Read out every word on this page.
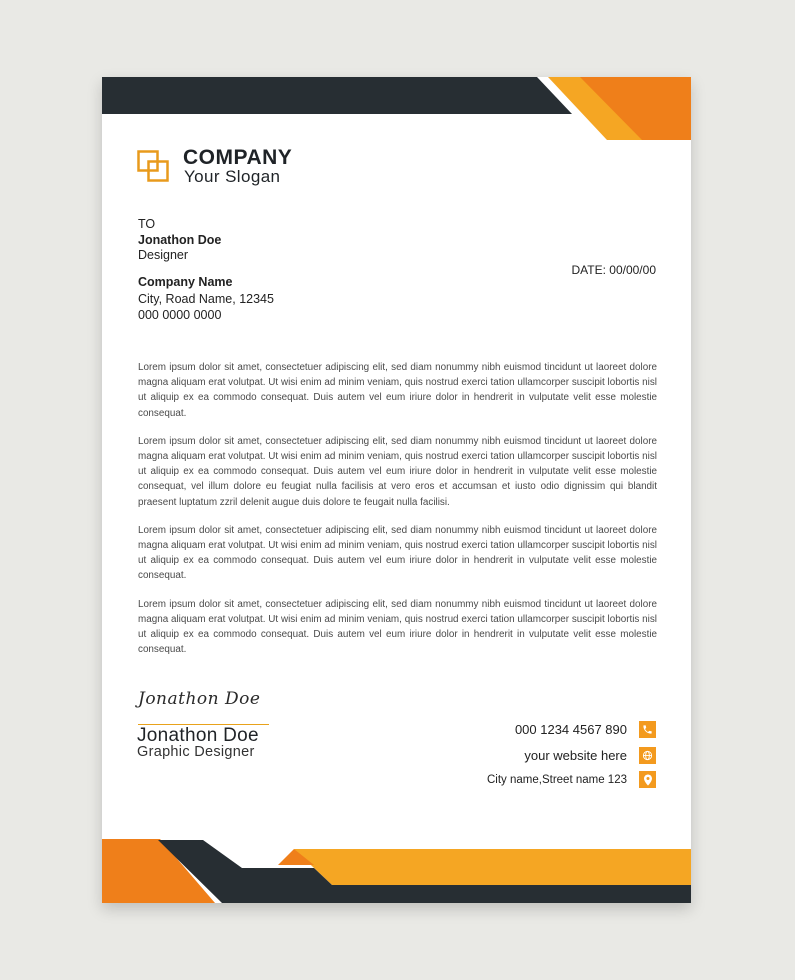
COMPANY
Your Slogan
TO
Jonathon Doe
Designer
Company Name
City, Road Name, 12345
000 0000 0000
DATE: 00/00/00

Lorem ipsum dolor sit amet, consectetuer adipiscing elit, sed diam nonummy nibh euismod tincidunt ut laoreet dolore magna aliquam erat volutpat. Ut wisi enim ad minim veniam, quis nostrud exerci tation ullamcorper suscipit lobortis nisl ut aliquip ex ea commodo consequat. Duis autem vel eum iriure dolor in hendrerit in vulputate velit esse molestie consequat.

Lorem ipsum dolor sit amet, consectetuer adipiscing elit, sed diam nonummy nibh euismod tincidunt ut laoreet dolore magna aliquam erat volutpat. Ut wisi enim ad minim veniam, quis nostrud exerci tation ullamcorper suscipit lobortis nisl ut aliquip ex ea commodo consequat. Duis autem vel eum iriure dolor in hendrerit in vulputate velit esse molestie consequat, vel illum dolore eu feugiat nulla facilisis at vero eros et accumsan et iusto odio dignissim qui blandit praesent luptatum zzril delenit augue duis dolore te feugait nulla facilisi.

Lorem ipsum dolor sit amet, consectetuer adipiscing elit, sed diam nonummy nibh euismod tincidunt ut laoreet dolore magna aliquam erat volutpat. Ut wisi enim ad minim veniam, quis nostrud exerci tation ullamcorper suscipit lobortis nisl ut aliquip ex ea commodo consequat. Duis autem vel eum iriure dolor in hendrerit in vulputate velit esse molestie consequat.

Lorem ipsum dolor sit amet, consectetuer adipiscing elit, sed diam nonummy nibh euismod tincidunt ut laoreet dolore magna aliquam erat volutpat. Ut wisi enim ad minim veniam, quis nostrud exerci tation ullamcorper suscipit lobortis nisl ut aliquip ex ea commodo consequat. Duis autem vel eum iriure dolor in hendrerit in vulputate velit esse molestie consequat.

Jonathon Doe
Jonathon Doe
Graphic Designer
000 1234 4567 890
your website here
City name,Street name 123
